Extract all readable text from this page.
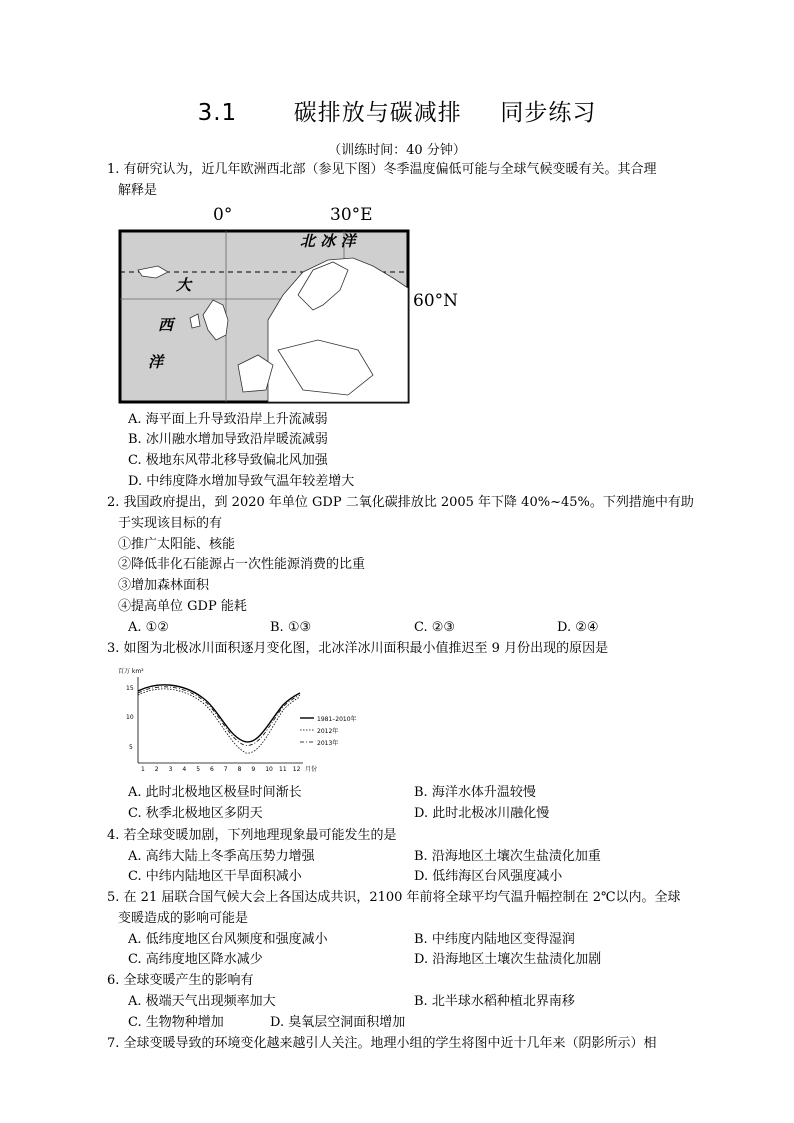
3.1 碳排放与碳减排 同步练习
（训练时间：40 分钟）
1. 有研究认为，近几年欧洲西北部（参见下图）冬季温度偏低可能与全球气候变暖有关。其合理
解释是
0°	30°E
60°N
北 冰 洋
大
西
洋
A. 海平面上升导致沿岸上升流减弱
B. 冰川融水增加导致沿岸暖流减弱
C. 极地东风带北移导致偏北风加强
D. 中纬度降水增加导致气温年较差增大
2. 我国政府提出，到 2020 年单位 GDP 二氧化碳排放比 2005 年下降 40%~45%。下列措施中有助
于实现该目标的有
①推广太阳能、核能
②降低非化石能源占一次性能源消费的比重
③增加森林面积
④提高单位 GDP 能耗
A. ①②	B. ①③	C. ②③	D. ②④
3. 如图为北极冰川面积逐月变化图，北冰洋冰川面积最小值推迟至 9 月份出现的原因是
百万 km²
15
10
5
1 2 3 4 5 6 7 8 9 10 11 12 月份
1981–2010年
2012年
2013年
A. 此时北极地区极昼时间渐长	B. 海洋水体升温较慢
C. 秋季北极地区多阴天	D. 此时北极冰川融化慢
4. 若全球变暖加剧，下列地理现象最可能发生的是
A. 高纬大陆上冬季高压势力增强	B. 沿海地区土壤次生盐渍化加重
C. 中纬内陆地区干旱面积减小	D. 低纬海区台风强度减小
5. 在 21 届联合国气候大会上各国达成共识，2100 年前将全球平均气温升幅控制在 2℃以内。全球
变暖造成的影响可能是
A. 低纬度地区台风频度和强度减小	B. 中纬度内陆地区变得湿润
C. 高纬度地区降水减少	D. 沿海地区土壤次生盐渍化加剧
6. 全球变暖产生的影响有
A. 极端天气出现频率加大	B. 北半球水稻种植北界南移
C. 生物物种增加	D. 臭氧层空洞面积增加
7. 全球变暖导致的环境变化越来越引人关注。地理小组的学生将图中近十几年来（阴影所示）相
